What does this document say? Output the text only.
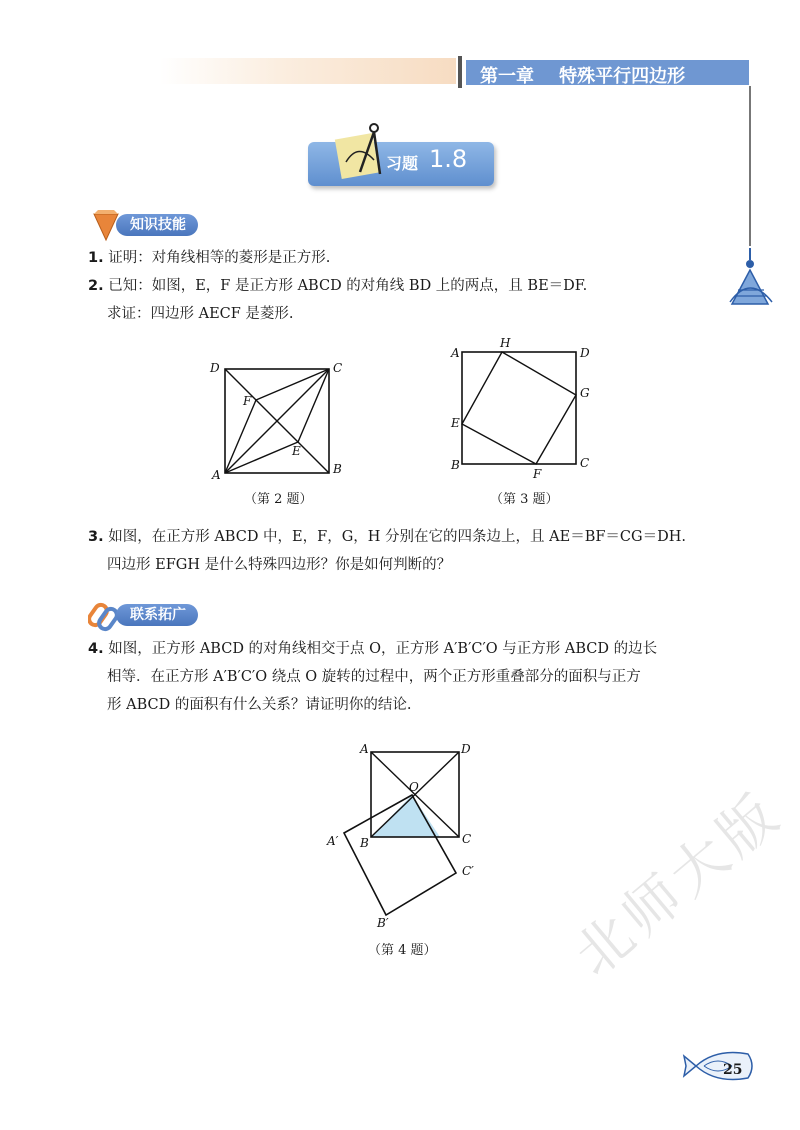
第一章    特殊平行四边形
习题 1.8
知识技能
1. 证明：对角线相等的菱形是正方形.
2. 已知：如图，E，F 是正方形 ABCD 的对角线 BD 上的两点，且 BE＝DF.
求证：四边形 AECF 是菱形.
D	C
A	B
F
E
（第 2 题）
A
H
D
G
E
B
F
C
（第 3 题）
3. 如图，在正方形 ABCD 中，E，F，G，H 分别在它的四条边上，且 AE＝BF＝CG＝DH.
四边形 EFGH 是什么特殊四边形？你是如何判断的？
联系拓广
4. 如图，正方形 ABCD 的对角线相交于点 O，正方形 A′B′C′O 与正方形 ABCD 的边长
相等．在正方形 A′B′C′O 绕点 O 旋转的过程中，两个正方形重叠部分的面积与正方
形 ABCD 的面积有什么关系？请证明你的结论.
A	D
O
A′ B	C
C′
B′
（第 4 题） 北师大版
25
